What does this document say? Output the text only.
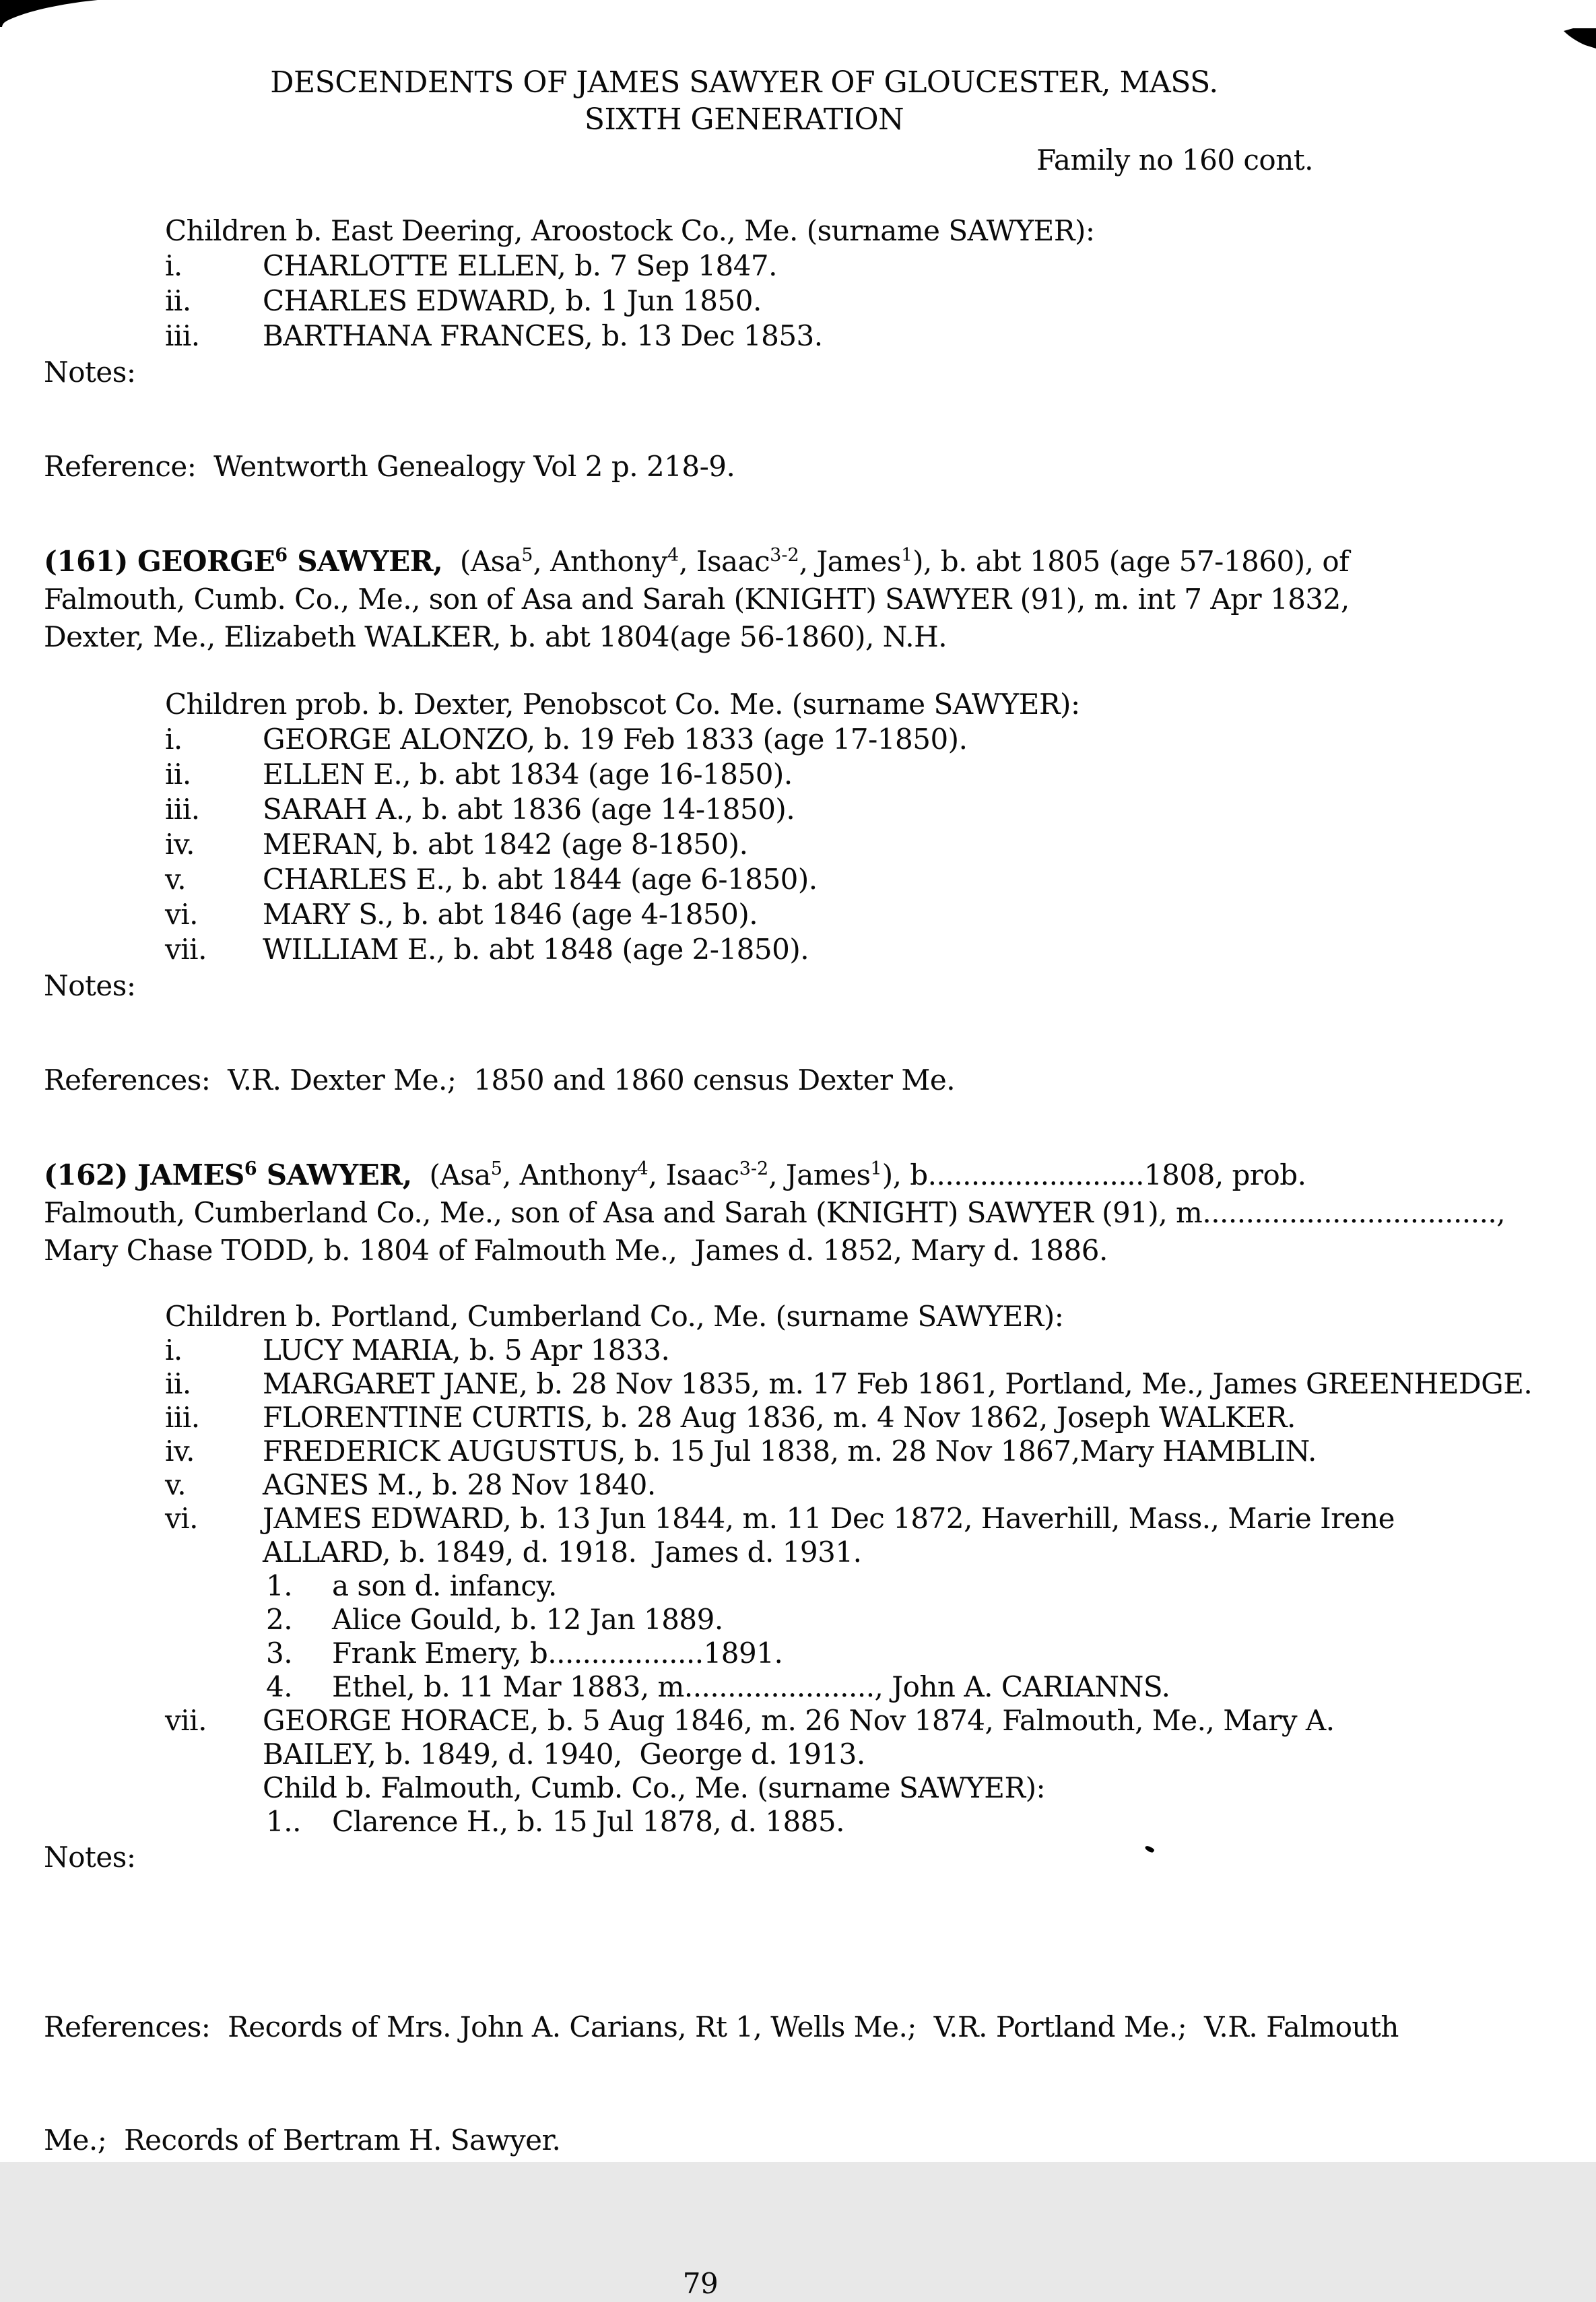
DESCENDENTS OF JAMES SAWYER OF GLOUCESTER, MASS.
SIXTH GENERATION
Family no 160 cont.
Children b. East Deering, Aroostock Co., Me. (surname SAWYER):
i.	CHARLOTTE ELLEN, b. 7 Sep 1847.
ii.	CHARLES EDWARD, b. 1 Jun 1850.
iii.	BARTHANA FRANCES, b. 13 Dec 1853.
Notes:
Reference:  Wentworth Genealogy Vol 2 p. 218-9.
(161) GEORGE$^6$ SAWYER,  (Asa$^5$, Anthony$^4$, Isaac$^{3-2}$, James$^1$), b. abt 1805 (age 57-1860), of
Falmouth, Cumb. Co., Me., son of Asa and Sarah (KNIGHT) SAWYER (91), m. int 7 Apr 1832,
Dexter, Me., Elizabeth WALKER, b. abt 1804(age 56-1860), N.H.
Children prob. b. Dexter, Penobscot Co. Me. (surname SAWYER):
i.	GEORGE ALONZO, b. 19 Feb 1833 (age 17-1850).
ii.	ELLEN E., b. abt 1834 (age 16-1850).
iii.	SARAH A., b. abt 1836 (age 14-1850).
iv.	MERAN, b. abt 1842 (age 8-1850).
v.	CHARLES E., b. abt 1844 (age 6-1850).
vi.	MARY S., b. abt 1846 (age 4-1850).
vii.	WILLIAM E., b. abt 1848 (age 2-1850).
Notes:
References:  V.R. Dexter Me.;  1850 and 1860 census Dexter Me.
(162) JAMES$^6$ SAWYER,  (Asa$^5$, Anthony$^4$, Isaac$^{3-2}$, James$^1$), b.........................1808, prob.
Falmouth, Cumberland Co., Me., son of Asa and Sarah (KNIGHT) SAWYER (91), m..................................,
Mary Chase TODD, b. 1804 of Falmouth Me.,  James d. 1852, Mary d. 1886.
Children b. Portland, Cumberland Co., Me. (surname SAWYER):
i.	LUCY MARIA, b. 5 Apr 1833.
ii.	MARGARET JANE, b. 28 Nov 1835, m. 17 Feb 1861, Portland, Me., James GREENHEDGE.
iii.	FLORENTINE CURTIS, b. 28 Aug 1836, m. 4 Nov 1862, Joseph WALKER.
iv.	FREDERICK AUGUSTUS, b. 15 Jul 1838, m. 28 Nov 1867,Mary HAMBLIN.
v.	AGNES M., b. 28 Nov 1840.
vi.	JAMES EDWARD, b. 13 Jun 1844, m. 11 Dec 1872, Haverhill, Mass., Marie Irene
ALLARD, b. 1849, d. 1918.  James d. 1931.
1.	a son d. infancy.
2.	Alice Gould, b. 12 Jan 1889.
3.	Frank Emery, b..................1891.
4.	Ethel, b. 11 Mar 1883, m......................, John A. CARIANNS.
vii.	GEORGE HORACE, b. 5 Aug 1846, m. 26 Nov 1874, Falmouth, Me., Mary A.
BAILEY, b. 1849, d. 1940,  George d. 1913.
Child b. Falmouth, Cumb. Co., Me. (surname SAWYER):
1..	Clarence H., b. 15 Jul 1878, d. 1885.
Notes:

References:  Records of Mrs. John A. Carians, Rt 1, Wells Me.;  V.R. Portland Me.;  V.R. Falmouth

Me.;  Records of Bertram H. Sawyer.

79
